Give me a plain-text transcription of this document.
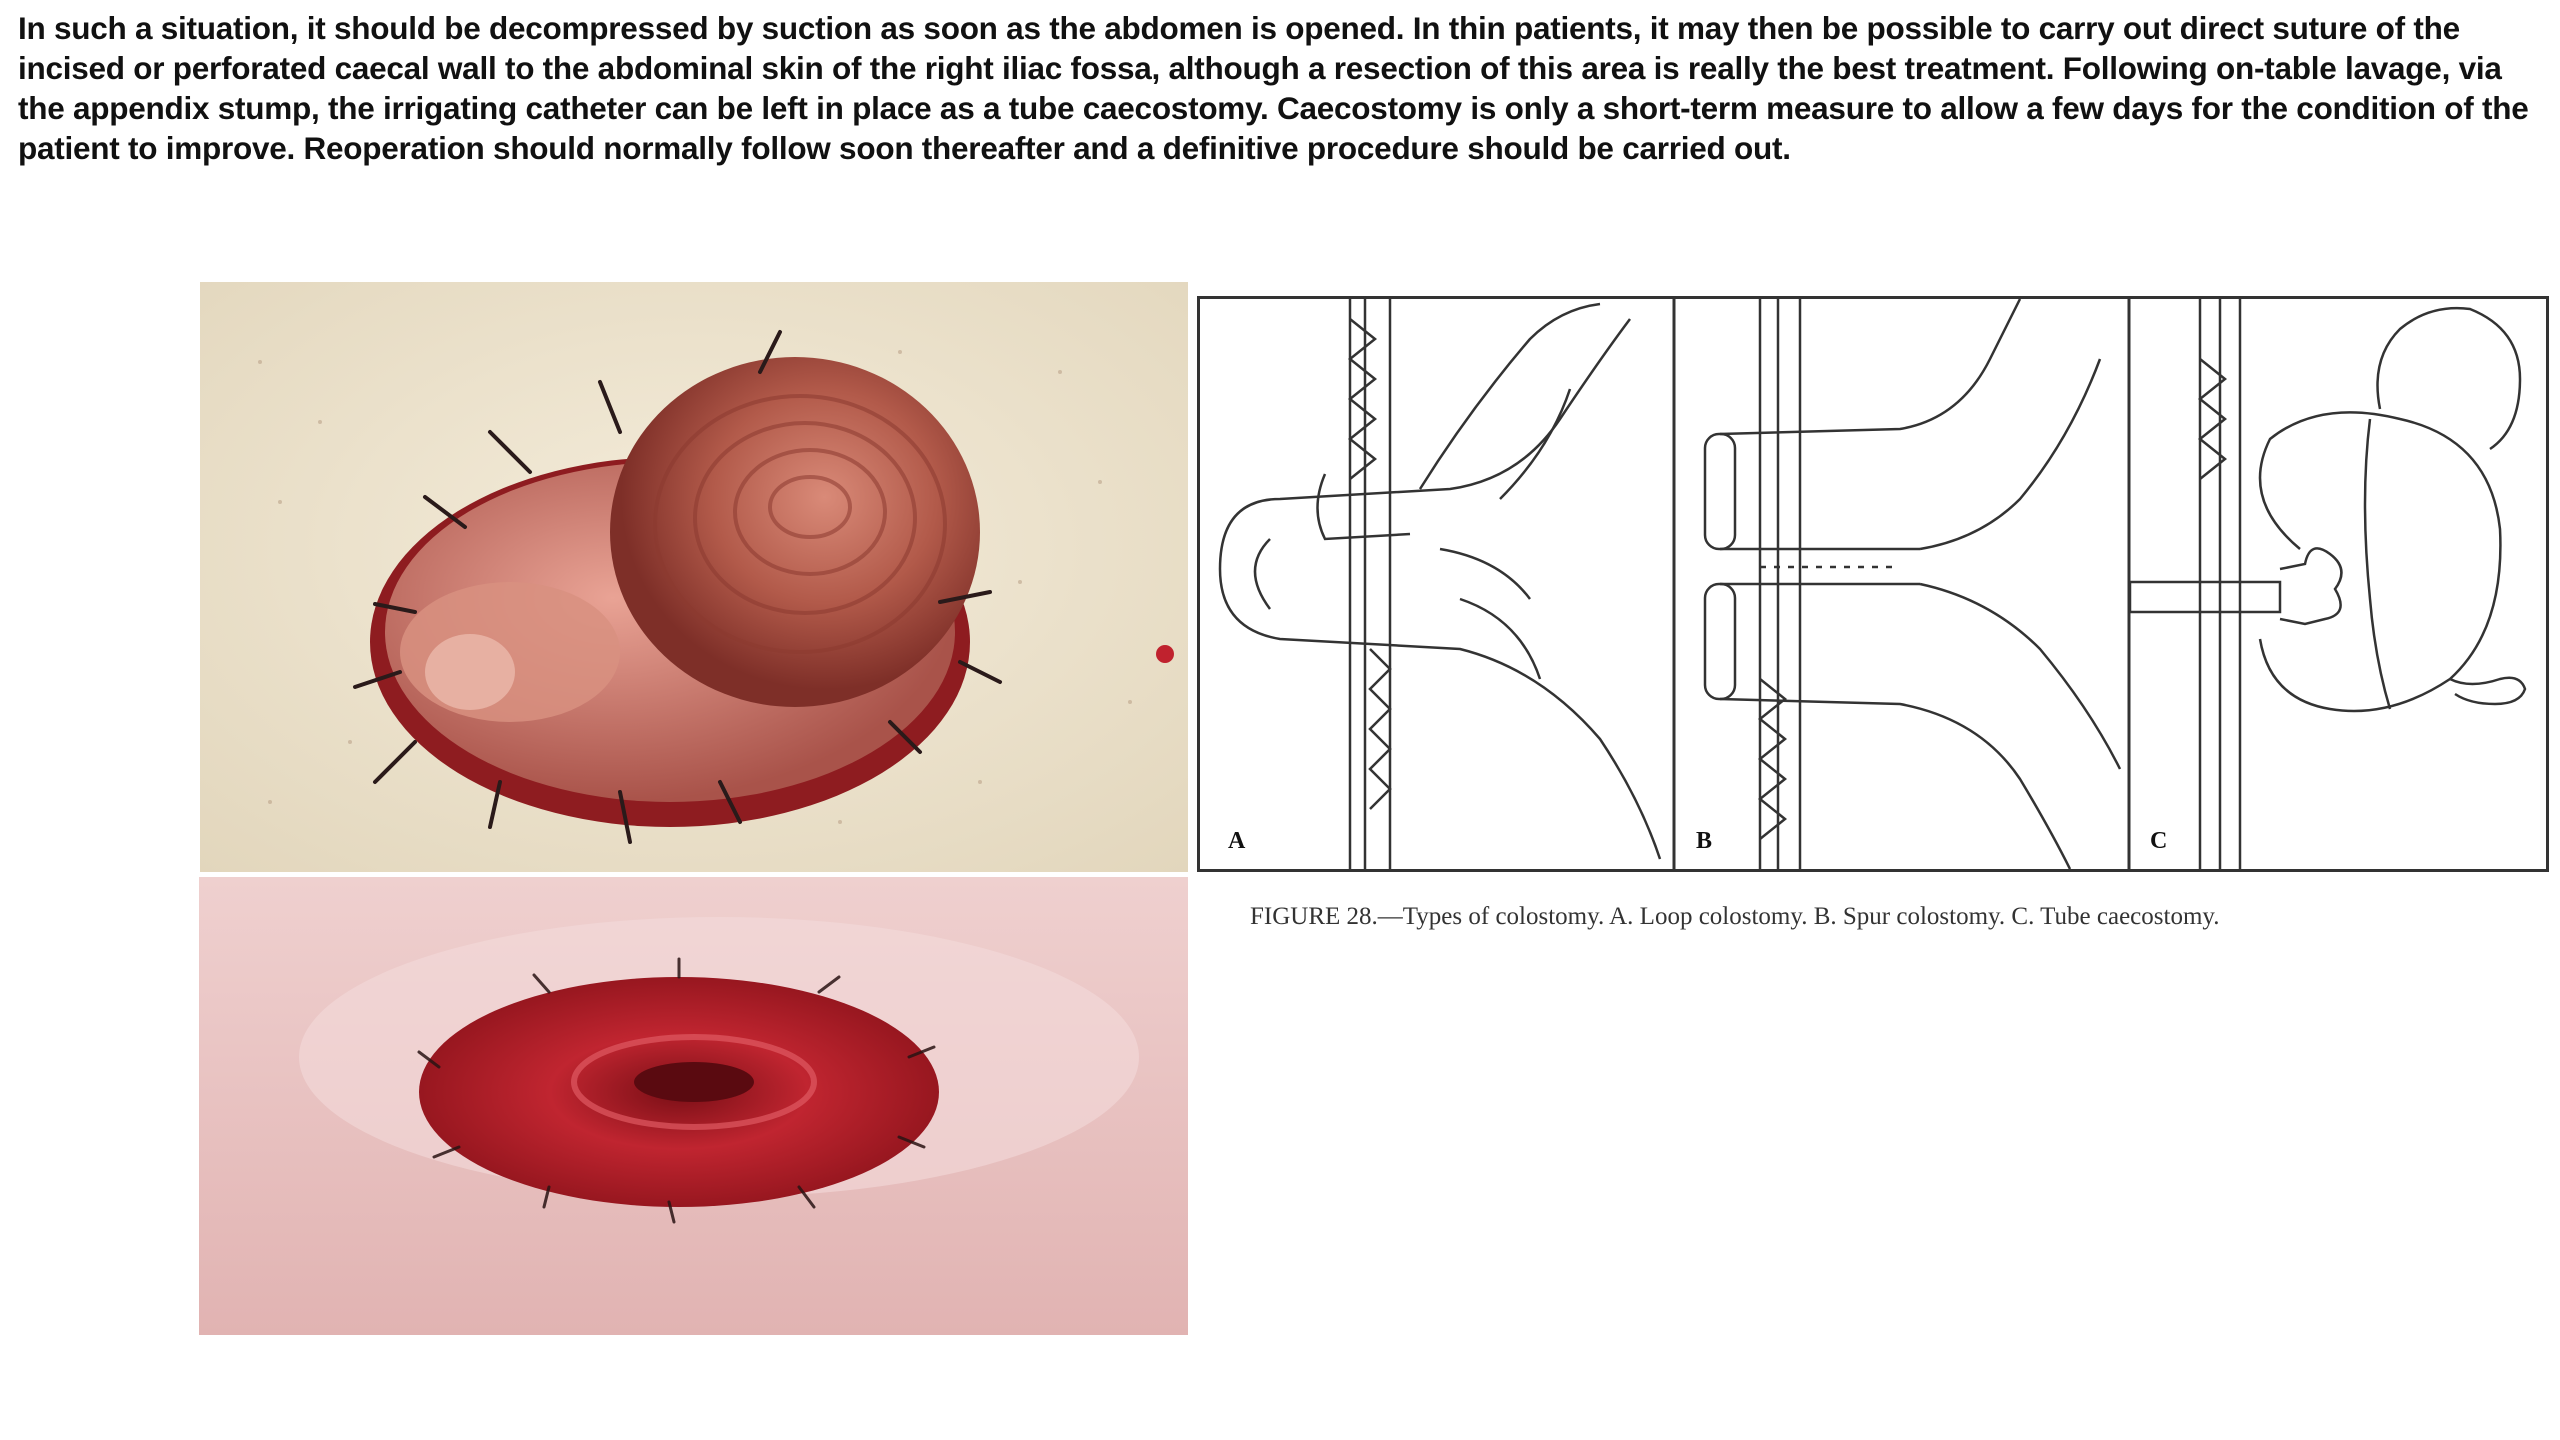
In such a situation, it should be decompressed by suction as soon as the abdomen is opened. In thin patients, it may then be possible to carry out direct suture of the incised or perforated caecal wall to the abdominal skin of the right iliac fossa, although a resection of this area is really the best treatment. Following on-table lavage, via the appendix stump, the irrigating catheter can be left in place as a tube caecostomy. Caecostomy is only a short-term measure to allow a few days for the condition of the patient to improve. Reoperation should normally follow soon thereafter and a definitive procedure should be carried out.

A	B	C

FIGURE 28.—Types of colostomy. A. Loop colostomy. B. Spur colostomy. C. Tube caecostomy.
